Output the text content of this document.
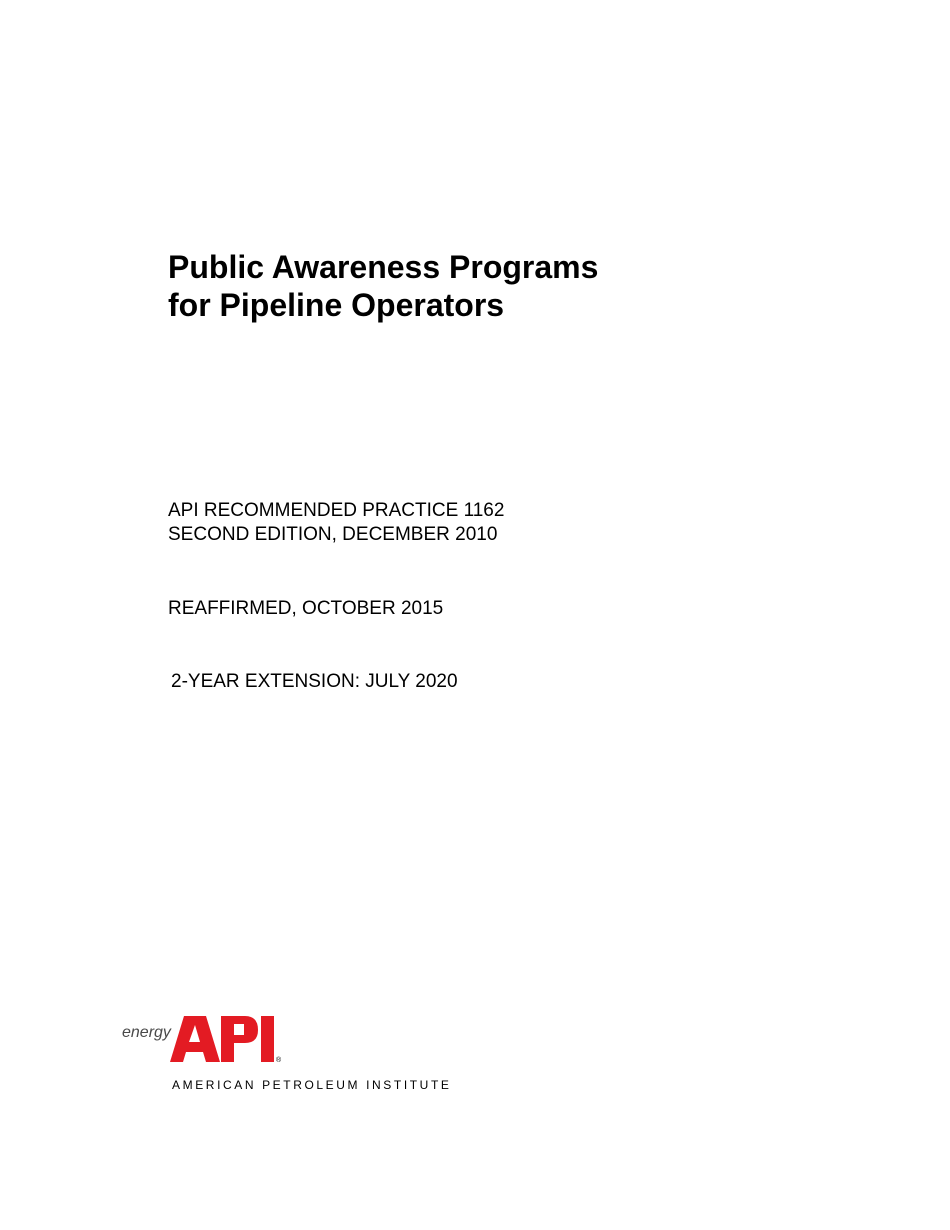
Public Awareness Programs
for Pipeline Operators
API RECOMMENDED PRACTICE 1162
SECOND EDITION, DECEMBER 2010
REAFFIRMED, OCTOBER 2015
2-YEAR EXTENSION: JULY 2020
energy
®
AMERICAN PETROLEUM INSTITUTE
